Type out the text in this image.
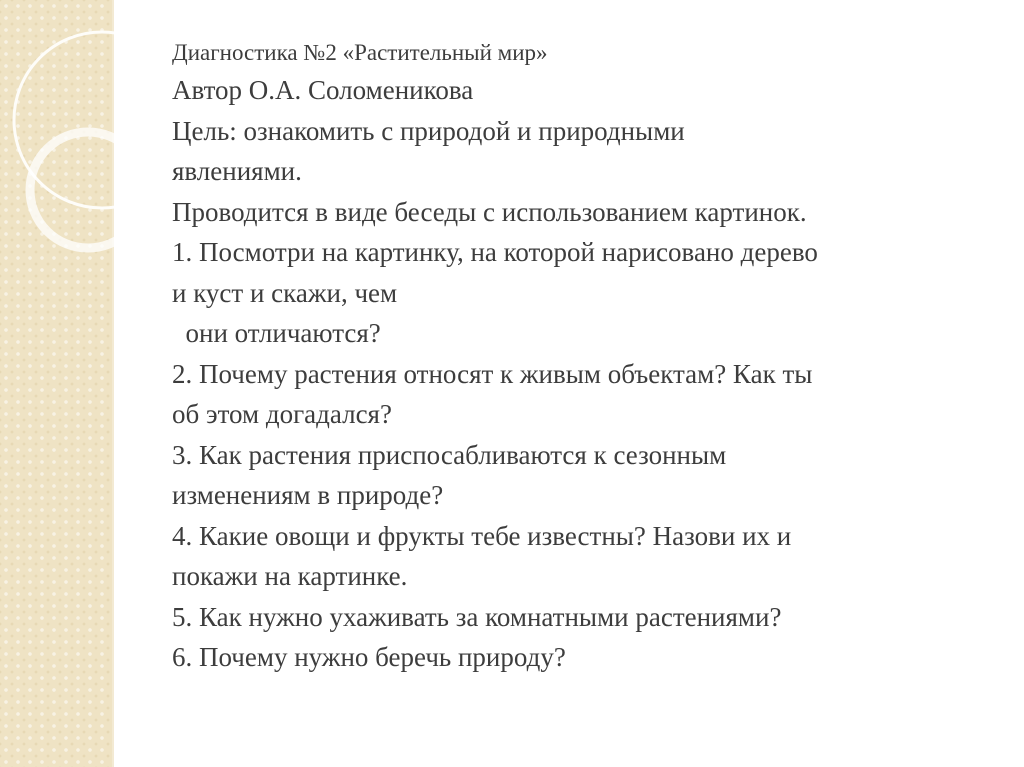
Диагностика №2 «Растительный мир»
Автор О.А. Соломеникова
Цель: ознакомить с природой и природными
явлениями.
Проводится в виде беседы с использованием картинок.
1. Посмотри на картинку, на которой нарисовано дерево
и куст и скажи, чем
они отличаются?
2. Почему растения относят к живым объектам? Как ты
об этом догадался?
3. Как растения приспосабливаются к сезонным
изменениям в природе?
4. Какие овощи и фрукты тебе известны? Назови их и
покажи на картинке.
5. Как нужно ухаживать за комнатными растениями?
6. Почему нужно беречь природу?
